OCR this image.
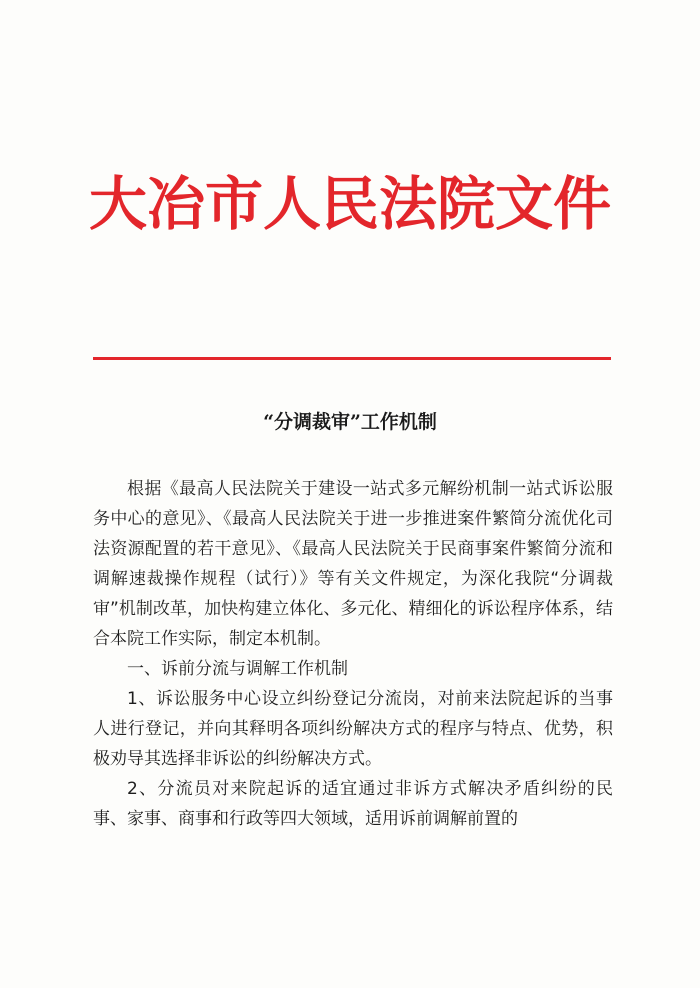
大冶市人民法院文件
“分调裁审”工作机制

根据《最高人民法院关于建设一站式多元解纷机制一站式诉讼服务中心的意见》、《最高人民法院关于进一步推进案件繁简分流优化司法资源配置的若干意见》、《最高人民法院关于民商事案件繁简分流和调解速裁操作规程（试行）》等有关文件规定，为深化我院“分调裁审”机制改革，加快构建立体化、多元化、精细化的诉讼程序体系，结合本院工作实际，制定本机制。

一、诉前分流与调解工作机制

1、诉讼服务中心设立纠纷登记分流岗，对前来法院起诉的当事人进行登记，并向其释明各项纠纷解决方式的程序与特点、优势，积极劝导其选择非诉讼的纠纷解决方式。

2、分流员对来院起诉的适宜通过非诉方式解决矛盾纠纷的民事、家事、商事和行政等四大领域，适用诉前调解前置的
